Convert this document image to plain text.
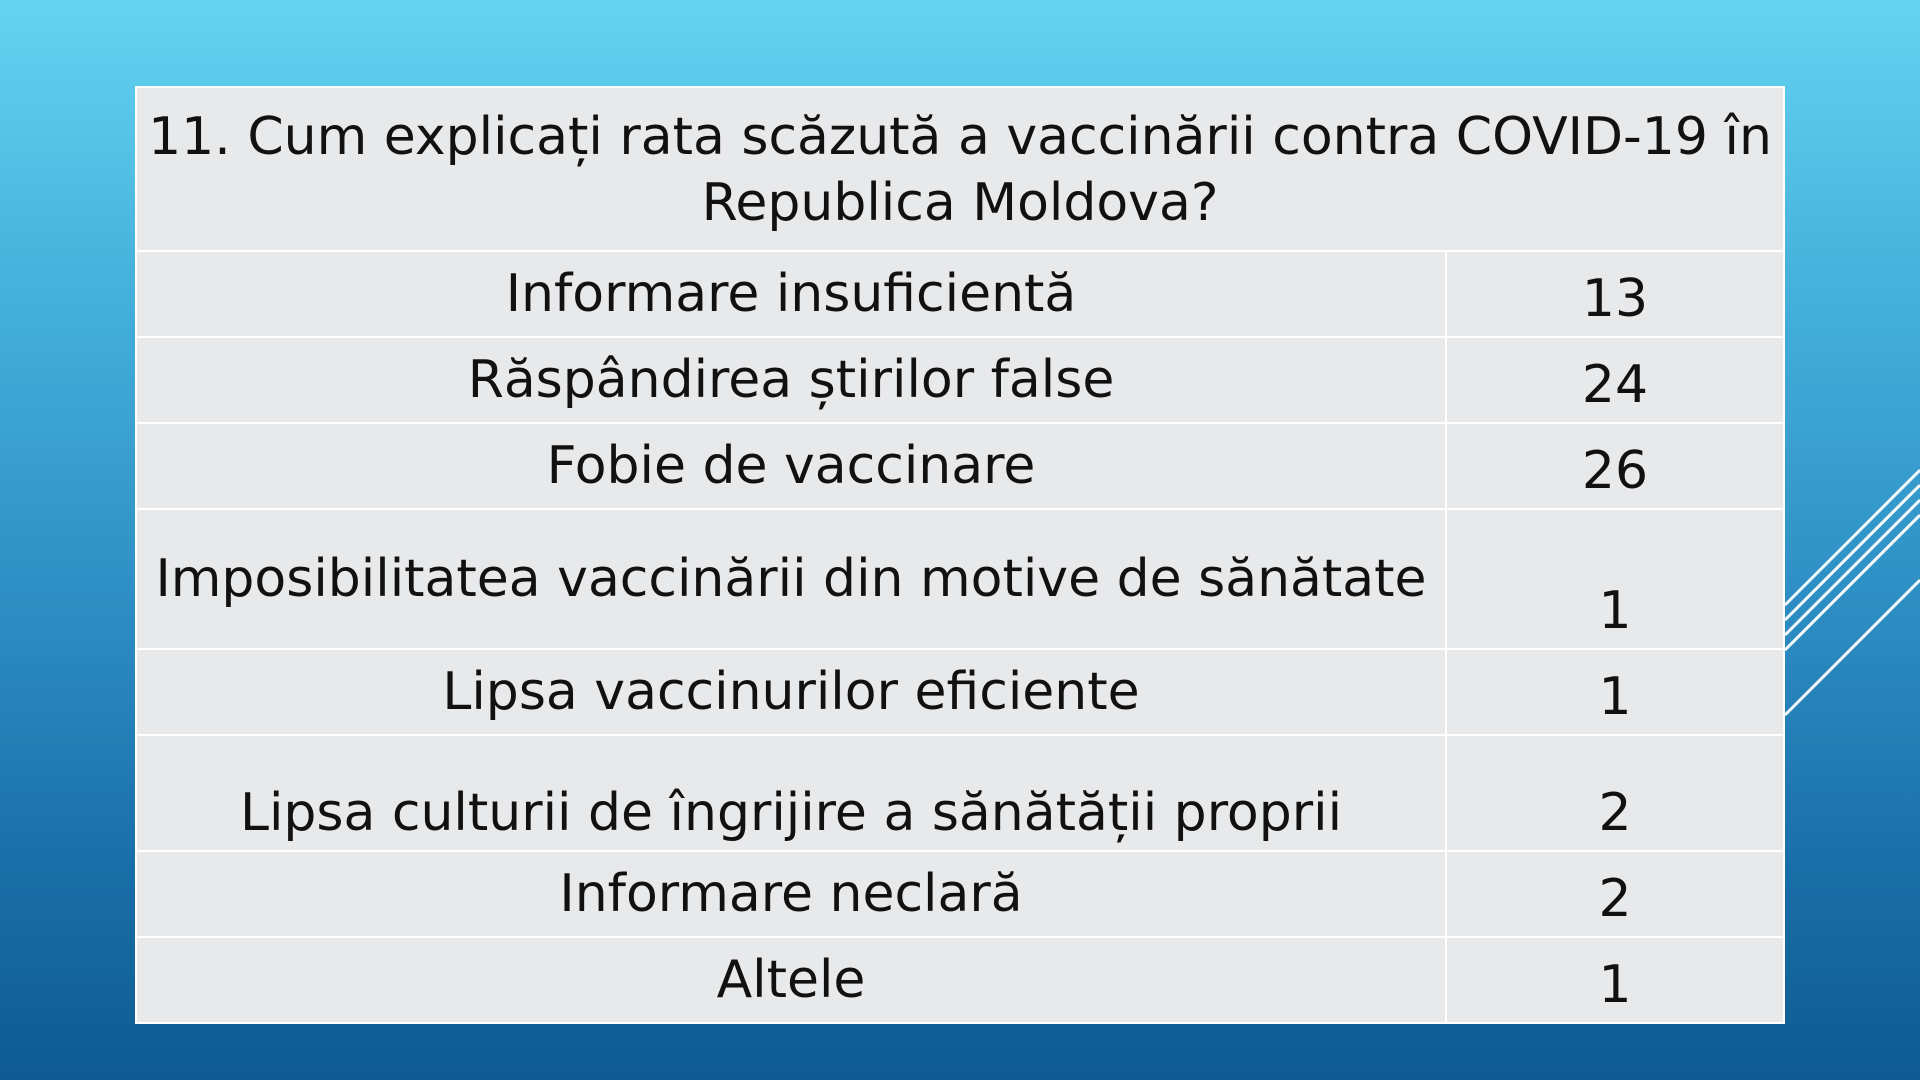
11. Cum explicați rata scăzută a vaccinării contra COVID-19 în Republica Moldova?	
Informare insuficientă	13
Răspândirea știrilor false	24
Fobie de vaccinare	26
Imposibilitatea vaccinării din motive de sănătate	1
Lipsa vaccinurilor eficiente	1
Lipsa culturii de îngrijire a sănătății proprii	2
Informare neclară	2
Altele	1
